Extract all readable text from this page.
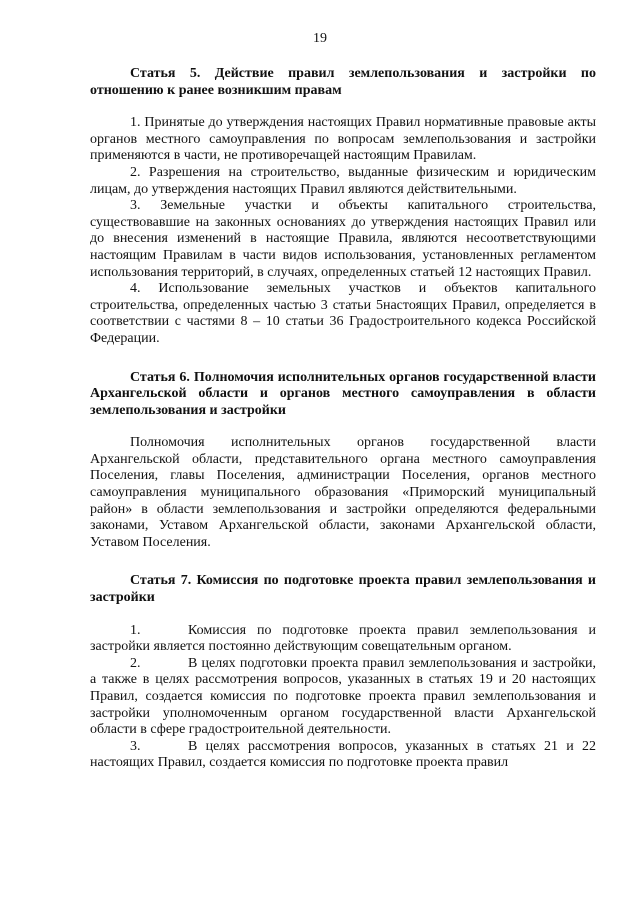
19

Статья 5. Действие правил землепользования и застройки по отношению к ранее возникшим правам

1. Принятые до утверждения настоящих Правил нормативные правовые акты органов местного самоуправления по вопросам землепользования и застройки применяются в части, не противоречащей настоящим Правилам.

2. Разрешения на строительство, выданные физическим и юридическим лицам, до утверждения настоящих Правил являются действительными.

3. Земельные участки и объекты капитального строительства, существовавшие на законных основаниях до утверждения настоящих Правил или до внесения изменений в настоящие Правила, являются несоответствующими настоящим Правилам в части видов использования, установленных регламентом использования территорий, в случаях, определенных статьей 12 настоящих Правил.

4. Использование земельных участков и объектов капитального строительства, определенных частью 3 статьи 5настоящих Правил, определяется в соответствии с частями 8 – 10 статьи 36 Градостроительного кодекса Российской Федерации.

Статья 6. Полномочия исполнительных органов государственной власти Архангельской области и органов местного самоуправления в области землепользования и застройки

Полномочия исполнительных органов государственной власти Архангельской области, представительного органа местного самоуправления Поселения, главы Поселения, администрации Поселения, органов местного самоуправления муниципального образования «Приморский муниципальный район» в области землепользования и застройки определяются федеральными законами, Уставом Архангельской области, законами Архангельской области, Уставом Поселения.

Статья 7. Комиссия по подготовке проекта правил землепользования и застройки

1.	Комиссия по подготовке проекта правил землепользования и застройки является постоянно действующим совещательным органом.

2.	В целях подготовки проекта правил землепользования и застройки, а также в целях рассмотрения вопросов, указанных в статьях 19 и 20 настоящих Правил, создается комиссия по подготовке проекта правил землепользования и застройки уполномоченным органом государственной власти Архангельской области в сфере градостроительной деятельности.

3.	В целях рассмотрения вопросов, указанных в статьях 21 и 22 настоящих Правил, создается комиссия по подготовке проекта правил
